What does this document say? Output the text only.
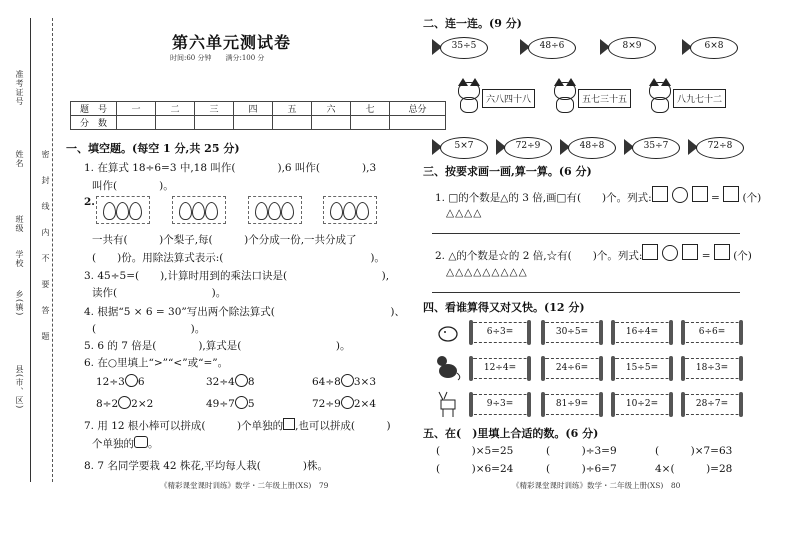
准考证号
姓名
班级
学校
乡(镇)
县(市、区)
密封线内不要答题
第六单元测试卷
时间:60 分钟　　满分:100 分
题　号	一	二	三	四	五	六	七	总分
分　数								
一、填空题。(每空 1 分,共 25 分)
1. 在算式 18÷6=3 中,18 叫作(　　　　),6 叫作(　　　　),3
叫作(　　　　)。
2.
一共有(　　　)个梨子,每(　　　)个分成一份,一共分成了
(　　)份。用除法算式表示:(　　　　　　　　　　　　　　)。
3. 45÷5=(　　),计算时用到的乘法口诀是(　　　　　　　　　),
读作(　　　　　　　　　)。
4. 根据“5 × 6 = 30”写出两个除法算式(　　　　　　　　　　　)、
(　　　　　　　　　)。
5. 6 的 7 倍是(　　　　),算式是(　　　　　　　　　)。
6. 在○里填上“>”“<”或“=”。
12÷3 6	32÷4 8	64÷8 3×3
8÷2 2×2	49÷7 5	72÷9 2×4
7. 用 12 根小棒可以拼成(　　　)个单独的 ,也可以拼成(　　　)
个单独的 。
8. 7 名同学要栽 42 株花,平均每人栽(　　　　)株。
《精彩课堂课时训练》数学・二年级上册(XS)　79
二、连一连。(9 分)
35÷5	48÷6	8×9	6×8
六八四十八	五七三十五	八九七十二
5×7	72÷9	48÷8	35÷7	72÷8
三、按要求画一画,算一算。(6 分)
1. □的个数是△的 3 倍,画□有(　　)个。列式:	=  (个)
△△△△
2. △的个数是☆的 2 倍,☆有(　　)个。列式:	=  (个)
△△△△△△△△△
四、看谁算得又对又快。(12 分)
6÷3=	30÷5=	16÷4=	6÷6=
12÷4=	24÷6=	15÷5=	18÷3=
9÷3=	81÷9=	10÷2=	28÷7=
五、在(　)里填上合适的数。(6 分)
(　　　)×5=25	(　　　)÷3=9	(　　　)×7=63
(　　　)×6=24	(　　　)÷6=7	4×(　　　)=28
《精彩课堂课时训练》数学・二年级上册(XS)　80
